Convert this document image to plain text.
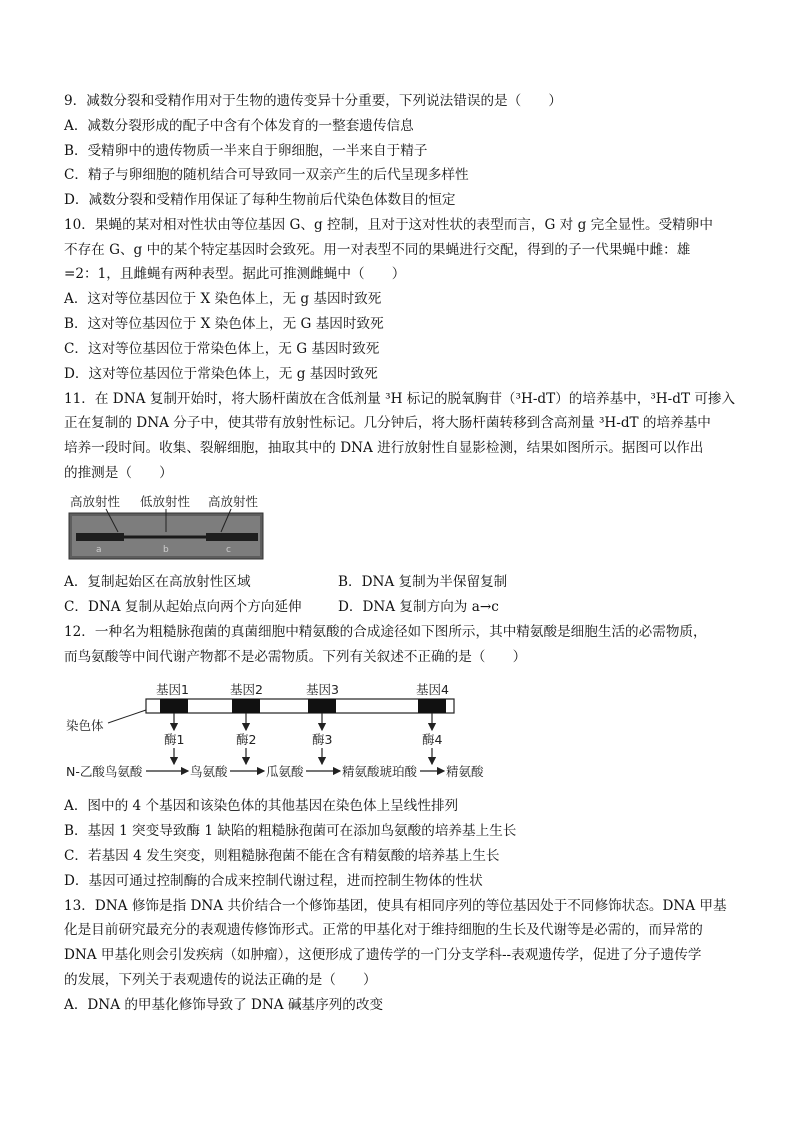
9．减数分裂和受精作用对于生物的遗传变异十分重要，下列说法错误的是（　　）
A．减数分裂形成的配子中含有个体发育的一整套遗传信息
B．受精卵中的遗传物质一半来自于卵细胞，一半来自于精子
C．精子与卵细胞的随机结合可导致同一双亲产生的后代呈现多样性
D．减数分裂和受精作用保证了每种生物前后代染色体数目的恒定
10．果蝇的某对相对性状由等位基因 G、g 控制，且对于这对性状的表型而言，G 对 g 完全显性。受精卵中
不存在 G、g 中的某个特定基因时会致死。用一对表型不同的果蝇进行交配，得到的子一代果蝇中雌：雄
=2：1，且雌蝇有两种表型。据此可推测雌蝇中（　　）
A．这对等位基因位于 X 染色体上，无 g 基因时致死
B．这对等位基因位于 X 染色体上，无 G 基因时致死
C．这对等位基因位于常染色体上，无 G 基因时致死
D．这对等位基因位于常染色体上，无 g 基因时致死
11．在 DNA 复制开始时，将大肠杆菌放在含低剂量 ³H 标记的脱氧胸苷（³H-dT）的培养基中，³H-dT 可掺入
正在复制的 DNA 分子中，使其带有放射性标记。几分钟后，将大肠杆菌转移到含高剂量 ³H-dT 的培养基中
培养一段时间。收集、裂解细胞，抽取其中的 DNA 进行放射性自显影检测，结果如图所示。据图可以作出
的推测是（　　）
高放射性 低放射性 高放射性
a	b	c
A．复制起始区在高放射性区域	B．DNA 复制为半保留复制
C．DNA 复制从起始点向两个方向延伸	D．DNA 复制方向为 a→c
12．一种名为粗糙脉孢菌的真菌细胞中精氨酸的合成途径如下图所示，其中精氨酸是细胞生活的必需物质，
而鸟氨酸等中间代谢产物都不是必需物质。下列有关叙述不正确的是（　　）
基因1	基因2	基因3	基因4
染色体
酶1	酶2	酶3	酶4
N-乙酸鸟氨酸	鸟氨酸	瓜氨酸	精氨酸琥珀酸 精氨酸
A．图中的 4 个基因和该染色体的其他基因在染色体上呈线性排列
B．基因 1 突变导致酶 1 缺陷的粗糙脉孢菌可在添加鸟氨酸的培养基上生长
C．若基因 4 发生突变，则粗糙脉孢菌不能在含有精氨酸的培养基上生长
D．基因可通过控制酶的合成来控制代谢过程，进而控制生物体的性状
13．DNA 修饰是指 DNA 共价结合一个修饰基团，使具有相同序列的等位基因处于不同修饰状态。DNA 甲基
化是目前研究最充分的表观遗传修饰形式。正常的甲基化对于维持细胞的生长及代谢等是必需的，而异常的
DNA 甲基化则会引发疾病（如肿瘤），这便形成了遗传学的一门分支学科--表观遗传学，促进了分子遗传学
的发展，下列关于表观遗传的说法正确的是（　　）
A．DNA 的甲基化修饰导致了 DNA 碱基序列的改变
